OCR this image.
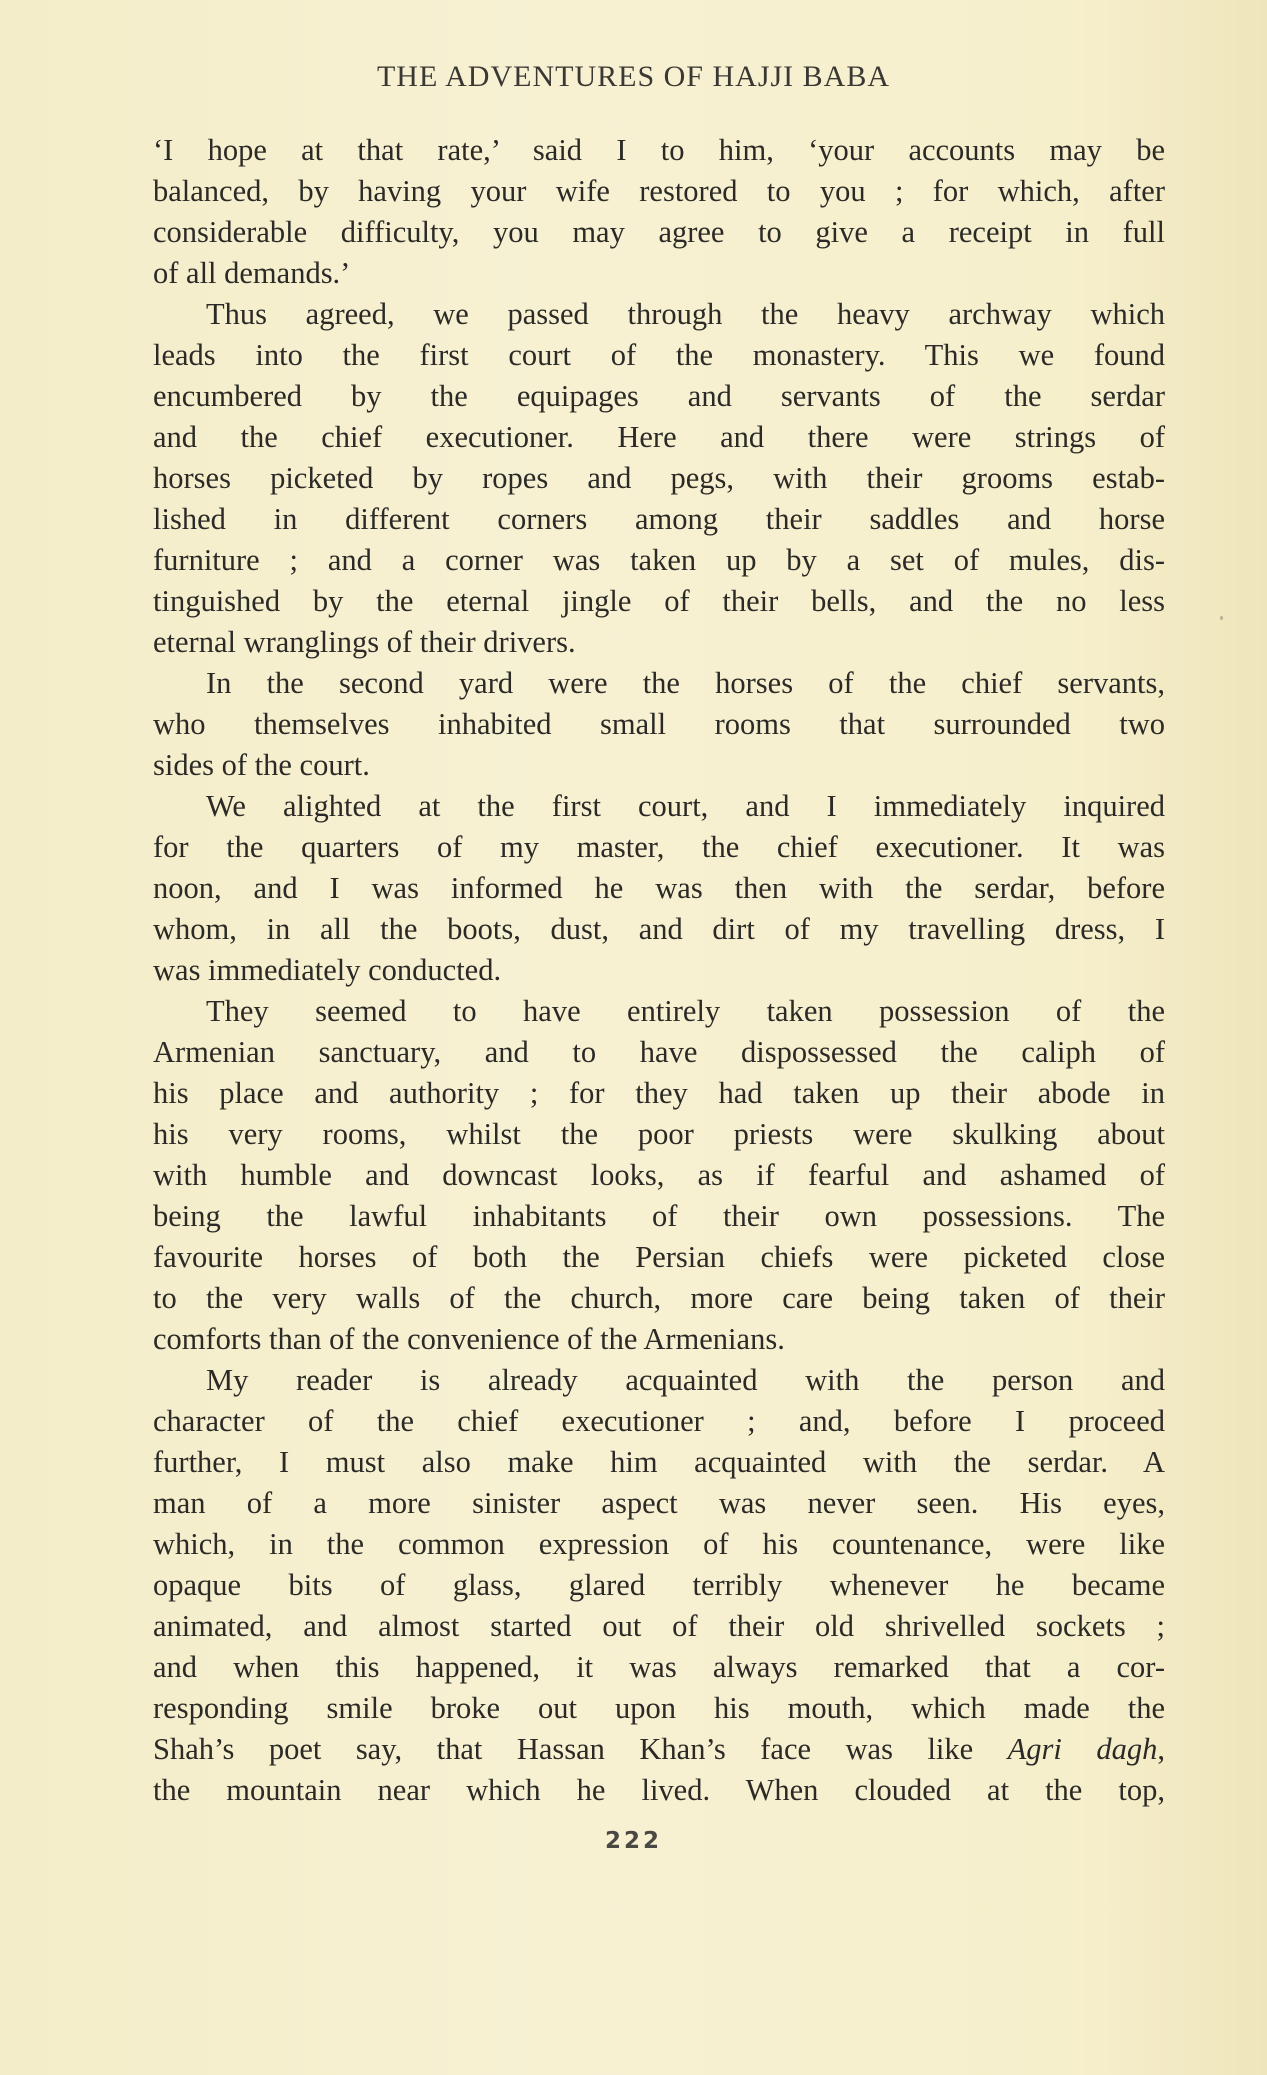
THE ADVENTURES OF HAJJI BABA
‘I hope at that rate,’ said I to him, ‘your accounts may be
balanced, by having your wife restored to you ; for which, after
considerable difficulty, you may agree to give a receipt in full
of all demands.’
Thus agreed, we passed through the heavy archway which
leads into the first court of the monastery. This we found
encumbered by the equipages and servants of the serdar
and the chief executioner. Here and there were strings of
horses picketed by ropes and pegs, with their grooms estab-
lished in different corners among their saddles and horse
furniture ; and a corner was taken up by a set of mules, dis-
tinguished by the eternal jingle of their bells, and the no less
eternal wranglings of their drivers.
In the second yard were the horses of the chief servants,
who themselves inhabited small rooms that surrounded two
sides of the court.
We alighted at the first court, and I immediately inquired
for the quarters of my master, the chief executioner. It was
noon, and I was informed he was then with the serdar, before
whom, in all the boots, dust, and dirt of my travelling dress, I
was immediately conducted.
They seemed to have entirely taken possession of the
Armenian sanctuary, and to have dispossessed the caliph of
his place and authority ; for they had taken up their abode in
his very rooms, whilst the poor priests were skulking about
with humble and downcast looks, as if fearful and ashamed of
being the lawful inhabitants of their own possessions. The
favourite horses of both the Persian chiefs were picketed close
to the very walls of the church, more care being taken of their
comforts than of the convenience of the Armenians.
My reader is already acquainted with the person and
character of the chief executioner ; and, before I proceed
further, I must also make him acquainted with the serdar. A
man of a more sinister aspect was never seen. His eyes,
which, in the common expression of his countenance, were like
opaque bits of glass, glared terribly whenever he became
animated, and almost started out of their old shrivelled sockets ;
and when this happened, it was always remarked that a cor-
responding smile broke out upon his mouth, which made the
Shah’s poet say, that Hassan Khan’s face was like Agri dagh,
the mountain near which he lived. When clouded at the top,
222
